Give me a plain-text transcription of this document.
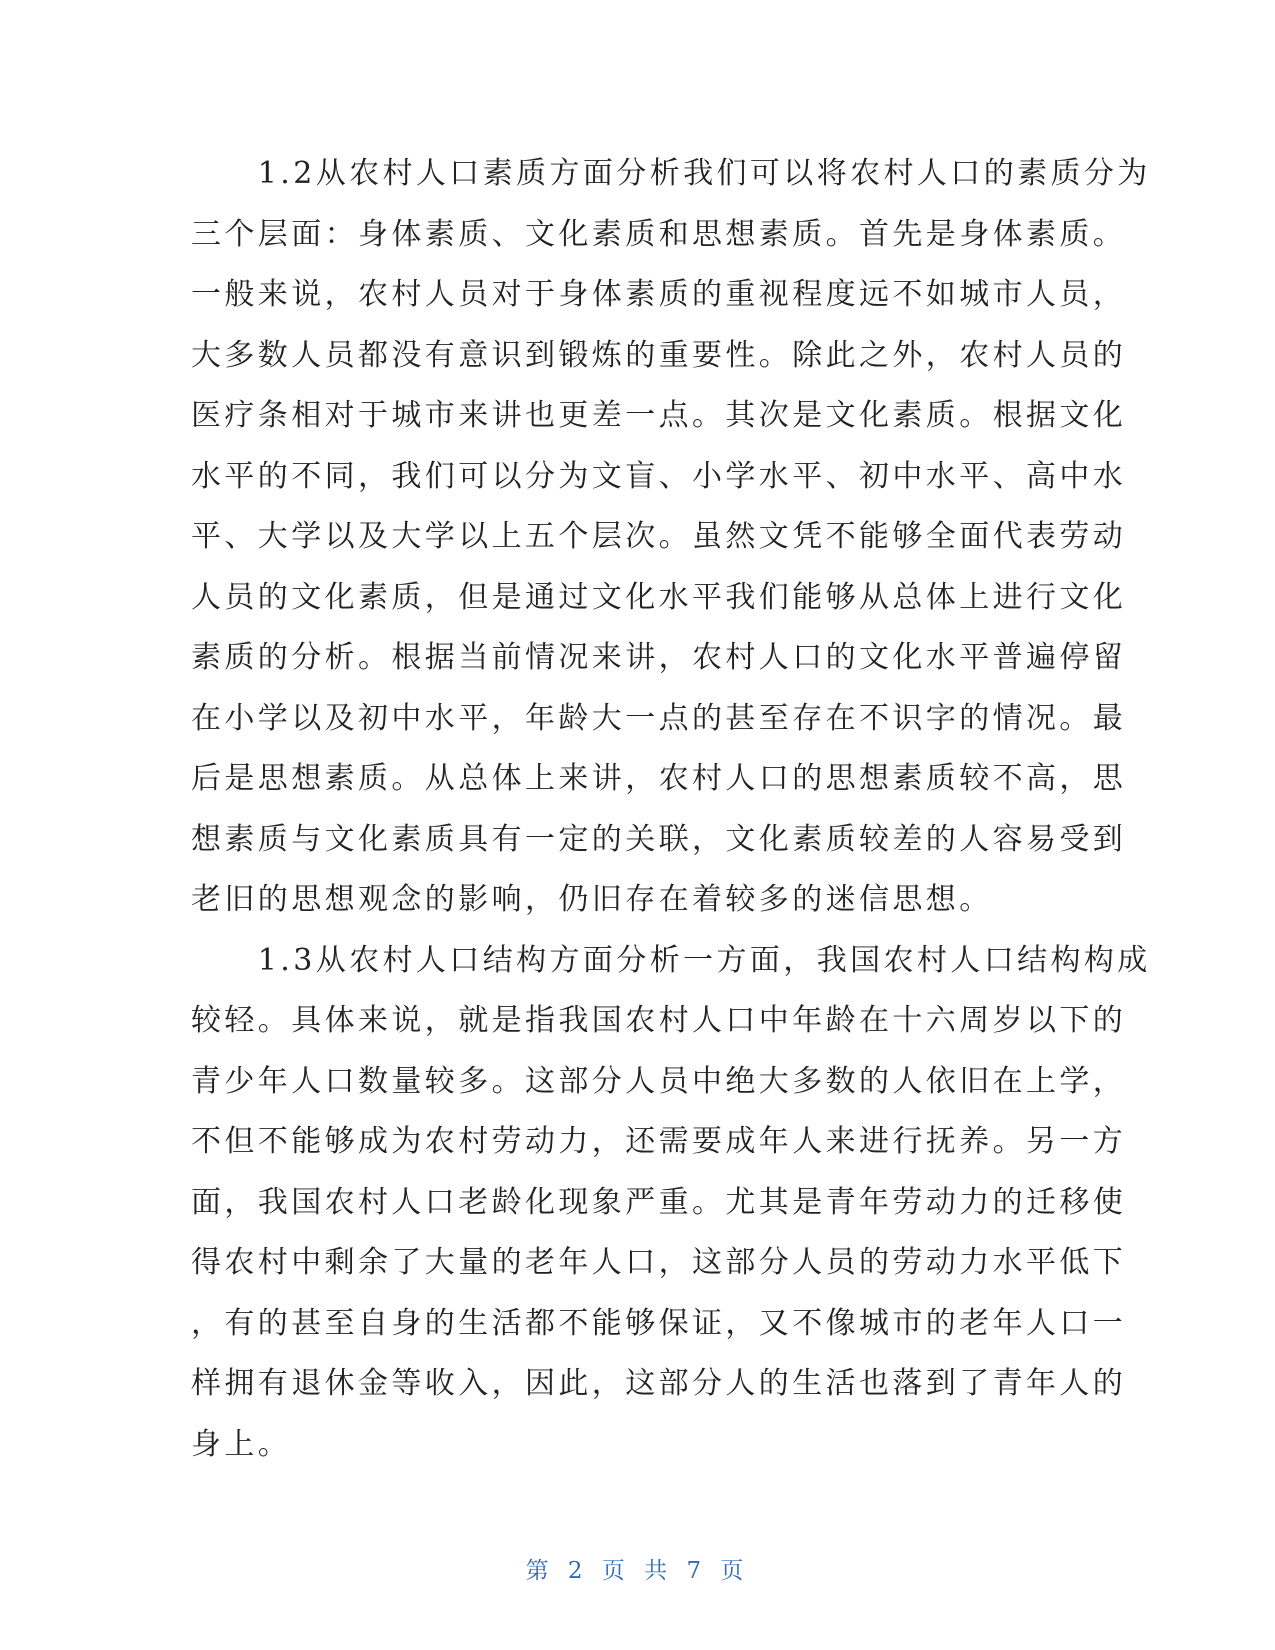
　　1.2从农村人口素质方面分析我们可以将农村人口的素质分为
三个层面：身体素质、文化素质和思想素质。首先是身体素质。
一般来说，农村人员对于身体素质的重视程度远不如城市人员，
大多数人员都没有意识到锻炼的重要性。除此之外，农村人员的
医疗条相对于城市来讲也更差一点。其次是文化素质。根据文化
水平的不同，我们可以分为文盲、小学水平、初中水平、高中水
平、大学以及大学以上五个层次。虽然文凭不能够全面代表劳动
人员的文化素质，但是通过文化水平我们能够从总体上进行文化
素质的分析。根据当前情况来讲，农村人口的文化水平普遍停留
在小学以及初中水平，年龄大一点的甚至存在不识字的情况。最
后是思想素质。从总体上来讲，农村人口的思想素质较不高，思
想素质与文化素质具有一定的关联，文化素质较差的人容易受到
老旧的思想观念的影响，仍旧存在着较多的迷信思想。
　　1.3从农村人口结构方面分析一方面，我国农村人口结构构成
较轻。具体来说，就是指我国农村人口中年龄在十六周岁以下的
青少年人口数量较多。这部分人员中绝大多数的人依旧在上学，
不但不能够成为农村劳动力，还需要成年人来进行抚养。另一方
面，我国农村人口老龄化现象严重。尤其是青年劳动力的迁移使
得农村中剩余了大量的老年人口，这部分人员的劳动力水平低下
，有的甚至自身的生活都不能够保证，又不像城市的老年人口一
样拥有退休金等收入，因此，这部分人的生活也落到了青年人的
身上。
第 2 页 共 7 页
